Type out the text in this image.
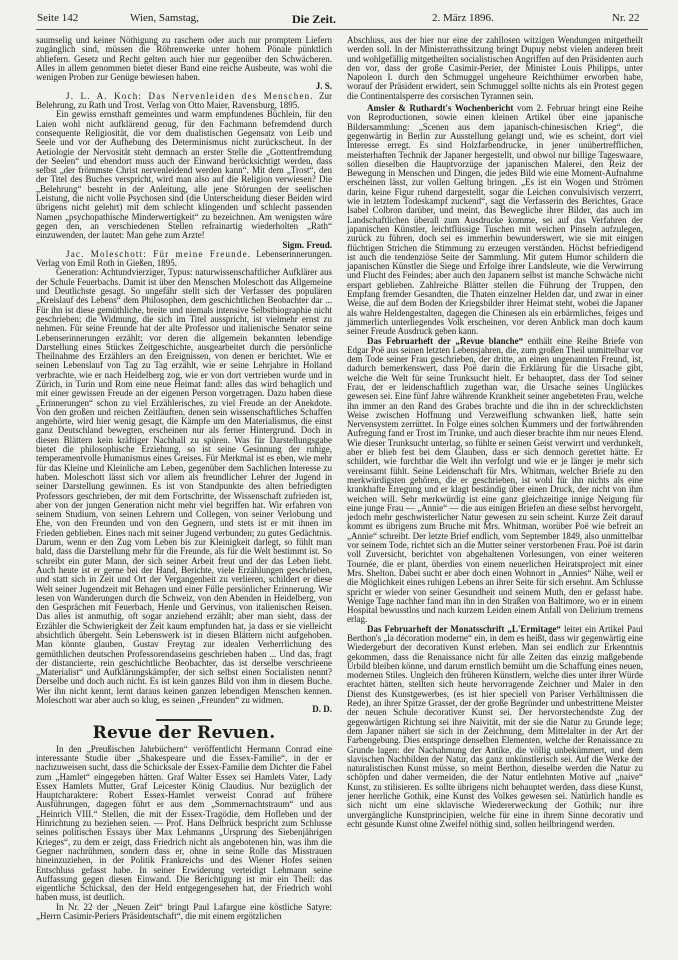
Seite 142	Wien, Samstag,	Die Zeit.	2. März 1896.	Nr. 22

saumselig und keiner Nöthigung zu raschem oder auch nur promptem Liefern zugänglich sind, müssen die Röhrenwerke unter hohem Pönale pünktlich abliefern. Gesetz und Recht gelten auch hier nur gegenüber den Schwächeren. Alles in allem genommen bietet dieser Band eine reiche Ausbeute, was wohl die wenigen Proben zur Genüge bewiesen haben.

J. S.

J. L. A. Koch: Das Nervenleiden des Menschen. Zur Belehrung, zu Rath und Trost. Verlag von Otto Maier, Ravensburg, 1895.

Ein gewiss ernsthaft gemeintes und warm empfundenes Büchlein, für den Laien wohl nicht aufklärend genug, für den Fachmann befremdend durch consequente Religiosität, die vor dem dualistischen Gegensatz von Leib und Seele und vor der Aufhebung des Determinismus nicht zurückscheut. In der Aetiologie der Nervosität steht demnach an erster Stelle die „Gottentfremdung der Seelen“ und ebendort muss auch der Einwand berücksichtigt werden, dass selbst „der frömmste Christ nervenleidend werden kann“. Mit dem „Trost“, den der Titel des Buches verspricht, wird man also auf die Religion verwiesen? Die „Belehrung“ besteht in der Anleitung, alle jene Störungen der seelischen Leistung, die nicht volle Psychosen sind (die Unterscheidung dieser Beiden wird übrigens nicht gelehrt) mit dem schlecht klingenden und schlecht passenden Namen „psychopathische Minderwertigkeit“ zu bezeichnen. Am wenigsten wäre gegen den, an verschiedenen Stellen refrainartig wiederholten „Rath“ einzuwenden, der lautet: Man gehe zum Arzte!

Sigm. Freud.

Jac. Moleschott: Für meine Freunde. Lebenserinnerungen. Verlag von Emil Roth in Gießen, 1895.

Generation: Achtundvierziger, Typus: naturwissenschaftlicher Aufklärer aus der Schule Feuerbachs. Damit ist über den Menschen Moleschott das Allgemeine und Deutlichste gesagt. So ungefähr stellt sich der Verfasser des populären „Kreislauf des Lebens“ dem Philosophen, dem geschichtlichen Beobachter dar ... Für ihn ist diese gemüthliche, breite und niemals intensive Selbstbiographie nicht geschrieben; die Widmung, die sich im Titel ausspricht, ist vielmehr ernst zu nehmen. Für seine Freunde hat der alte Professor und italienische Senator seine Lebenserinnerungen erzählt; vor deren die allgemein bekannten lebendige Darstellung eines Stückes Zeitgeschichte, ausgearbeitet durch die persönliche Theilnahme des Erzählers an den Ereignissen, von denen er berichtet. Wie er seinen Lebenslauf von Tag zu Tag erzählt, wie er seine Lehrjahre in Holland verbrachte, wie er nach Heidelberg zog, wie er von dort vertrieben wurde und in Zürich, in Turin und Rom eine neue Heimat fand: alles das wird behaglich und mit einer gewissen Freude an der eigenen Person vorgetragen. Dazu haben diese „Erinnerungen“ schon zu viel Erzählerisches, zu viel Freude an der Anekdote. Von den großen und reichen Zeitläuften, denen sein wissenschaftliches Schaffen angehörte, wird hier wenig gesagt, die Kämpfe um den Materialismus, die einst ganz Deutschland bewegten, erscheinen nur als ferner Hintergrund. Doch in diesen Blättern kein kräftiger Nachhall zu spüren. Was für Darstellungsgabe bietet die philosophische Erziehung, so ist seine Gesinnung der ruhige, temperamentvolle Humanismus eines Greises. Für Merkmal ist es eben, wie mehr für das Kleine und Kleinliche am Leben, gegenüber dem Sachlichen Interesse zu haben. Moleschott lässt sich vor allem als freundlicher Lehrer der Jugend in seiner Darstellung gewinnen. Es ist von Standpunkte des alten befriedigten Professors geschrieben, der mit dem Fortschritte, der Wissenschaft zufrieden ist, aber von der jungen Generation nicht mehr viel begriffen hat. Wir erfahren von seinem Studium, von seinen Lehrern und Collegen, von seiner Verlobung und Ehe, von den Freunden und von den Gegnern, und stets ist er mit ihnen im Frieden geblieben. Eines nach mit seiner Jugend verbunden; zu gutes Gedächtnis. Darum, wenn er den Zug vom Leben bis zur Kleinigkeit darlegt, so fühlt man bald, dass die Darstellung mehr für die Freunde, als für die Welt bestimmt ist. So schreibt ein guter Mann, der sich seiner Arbeit freut und der das Leben liebt. Auch heute ist er gerne bei der Hand, Berichte, viele Erzählungen geschrieben, und statt sich in Zeit und Ort der Vergangenheit zu verlieren, schildert er diese Welt seiner Jugendzeit mit Behagen und einer Fülle persönlicher Erinnerung. Wir lesen von Wanderungen durch die Schweiz, von den Abenden in Heidelberg, von den Gesprächen mit Feuerbach, Henle und Gervinus, von italienischen Reisen. Das alles ist anmuthig, oft sogar anziehend erzählt; aber man sieht, dass der Erzähler die Schwierigkeit der Zeit kaum empfunden hat, ja dass er sie vielleicht absichtlich übergeht. Sein Lebenswerk ist in diesen Blättern nicht aufgehoben. Man könnte glauben, Gustav Freytag zur idealen Verherrlichung des gemüthlichen deutschen Professorendaseins geschrieben haben ... Und das, fragt der distancierte, rein geschichtliche Beobachter, das ist derselbe verschrieene „Materialist“ und Aufklärungskämpfer, der sich selbst einen Socialisten nennt? Derselbe und doch auch nicht. Es ist kein ganzes Bild von ihm in diesem Buche. Wer ihn nicht kennt, lernt daraus keinen ganzen lebendigen Menschen kennen. Moleschott war aber auch so klug, es seinen „Freunden“ zu widmen.

D. D.

Revue der Revuen.

In den „Preußischen Jahrbüchern“ veröffentlicht Hermann Conrad eine interessante Studie über „Shakespeare und die Essex-Familie“, in der er nachzuweisen sucht, dass die Schicksale der Essex-Familie dem Dichter die Fabel zum „Hamlet“ eingegeben hätten. Graf Walter Essex sei Hamlets Vater, Lady Essex Hamlets Mutter, Graf Leicester König Claudius. Nur bezüglich der Hauptcharaktere: Robert Essex-Hamlet verweist Conrad auf frühere Ausführungen, dagegen führt er aus dem „Sommernachtstraum“ und aus „Heinrich VIII.“ Stellen, die mit der Essex-Tragödie, dem Hofleben und der Hinrichtung zu beziehen seien. — Prof. Hans Delbrück bespricht zum Schlusse seines politischen Essays über Max Lehmanns „Ursprung des Siebenjährigen Krieges“, zu dem er zeigt, dass Friedrich nicht als angebotenen hin, was ihm die Gegner nachrühmen, sondern dass er, ohne in seine Rolle das Misstrauen hineinzuziehen, in der Politik Frankreichs und des Wiener Hofes seinen Entschluss gefasst habe. In seiner Erwiderung verteidigt Lehmann seine Auffassung gegen diesen Einwand. Die Berichtigung ist mir ein Theil: das eigentliche Schicksal, den der Held entgegengesehen hat, der Friedrich wohl haben muss, ist deutlich.

In Nr. 22 der „Neuen Zeit“ bringt Paul Lafargue eine köstliche Satyre: „Herrn Casimir-Periers Präsidentschaft“, die mit einem ergötzlichen

Abschluss, aus der hier nur eine der zahllosen witzigen Wendungen mitgetheilt werden soll. In der Ministerrathssitzung bringt Dupuy nebst vielen anderen breit und wohlgefällig mitgetheilten socialistischen Angriffen auf den Präsidenten auch den vor, dass der große Casimir-Perier, der Minister Louis Philipps, unter Napoleon I. durch den Schmuggel ungeheure Reichthümer erworben habe, worauf der Präsident erwidert, sein Schmuggel sollte nichts als ein Protest gegen die Continentalsperre des corsischen Tyrannen sein.

Amsler & Ruthardt's Wochenbericht vom 2. Februar bringt eine Reihe von Reproductionen, sowie einen kleinen Artikel über eine japanische Bildersammlung: „Scenen aus dem japanisch-chinesischen Krieg“, die gegenwärtig in Berlin zur Ausstellung gelangt und, wie es scheint, dort viel Interesse erregt. Es sind Holzfarbendrucke, in jener unübertrefflichen, meisterhaften Technik der Japaner hergestellt, und obwol nur billige Tageswaare, sollen dieselben die Hauptvorzüge der japanischen Malerei, den Reiz der Bewegung in Menschen und Dingen, die jedes Bild wie eine Moment-Aufnahme erscheinen lässt, zur vollen Geltung bringen. „Es ist ein Wogen und Strömen darin, keine Figur ruhend dargestellt, sogar die Leichen convulsivisch verzerrt, wie in letztem Todeskampf zuckend“, sagt die Verfasserin des Berichtes, Grace Isabel Colbron darüber, und meint, das Bewegliche ihrer Bilder, das auch im Landschaftlichen überall zum Ausdrucke komme, sei auf das Verfahren der japanischen Künstler, leichtflüssige Tuschen mit weichen Pinseln aufzulegen, zurück zu führen, doch sei es immerhin bewunderswert, wie sie mit einigen flüchtigen Strichen die Stimmung zu erzeugen verständen. Höchst befriedigend ist auch die tendenziöse Seite der Sammlung. Mit gutem Humor schildern die japanischen Künstler die Siege und Erfolge ihrer Landsleute, wie die Verwirrung und Flucht des Feindes; aber auch den Japanern selbst ist manche Schwäche nicht erspart geblieben. Zahlreiche Blätter stellen die Führung der Truppen, den Empfang fremder Gesandten, die Thaten einzelner Helden dar, und zwar in einer Weise, die auf dem Boden der Kriegsbilder ihrer Heimat steht, wobei die Japaner als wahre Heldengestalten, dagegen die Chinesen als ein erbärmliches, feiges und jämmerlich unterliegendes Volk erscheinen, vor deren Anblick man doch kaum seiner Freude Ausdruck geben kann.

Das Februarheft der „Revue blanche“ enthält eine Reihe Briefe von Edgar Poë aus seinen letzten Lebensjahren, die, zum großen Theil unmittelbar vor dem Tode seiner Frau geschrieben, der dritte, an einen ungenannten Freund, ist, dadurch bemerkenswert, dass Poë darin die Erklärung für die Ursache gibt, welche die Welt für seine Trunksucht hielt. Er behauptet, dass der Tod seiner Frau, der er leidenschaftlich zugethan war, die Ursache seines Unglückes gewesen sei. Eine fünf Jahre währende Krankheit seiner angebeteten Frau, welche ihn immer an den Rand des Grabes brachte und die ihn in der schrecklichsten Weise zwischen Hoffnung und Verzweiflung schwanken ließ, hatte sein Nervensystem zerrüttet. In Folge eines solchen Kummers und der fortwährenden Aufregung fand er Trost im Trunke, und auch dieser brachte ihm nur neues Elend. Wie dieser Trunksucht unterlag, so fühlte er seinen Geist verwirrt und verdunkelt, aber er blieb fest bei dem Glauben, dass er sich dennoch gerettet hätte. Er schildert, wie furchtbar die Welt ihn verfolgt und wie er je länger je mehr sich vereinsamt fühlt. Seine Leidenschaft für Mrs. Whitman, welcher Briefe zu den merkwürdigsten gehören, die er geschrieben, ist wohl für ihn nichts als eine krankhafte Erregung und er klagt beständig über einen Druck, der nicht von ihm weichen will. Sehr merkwürdig ist eine ganz gleichzeitige innige Neigung für eine junge Frau — „Annie“ — die aus einigen Briefen an diese selbst hervorgeht, jedoch mehr geschwisterlicher Natur gewesen zu sein scheint. Kurze Zeit darauf kommt es übrigens zum Bruche mit Mrs. Whitman, worüber Poë wie befreit an „Annie“ schreibt. Der letzte Brief endlich, vom September 1849, also unmittelbar vor seinem Tode, richtet sich an die Mutter seiner verstorbenen Frau. Poë ist darin voll Zuversicht, berichtet von abgehaltenen Vorlesungen, von einer weiteren Tournée, die er plant, überdies von einem neuerlichen Heiratsproject mit einer Mrs. Shelton. Dabei sucht er aber doch einen Wohnort in „Annies“ Nähe, weil er die Möglichkeit eines ruhigen Lebens an ihrer Seite für sich ersehnt. Am Schlusse spricht er wieder von seiner Gesundheit und seinem Muth, den er gefasst habe. Wenige Tage nachher fand man ihn in den Straßen von Baltimore, wo er in einem Hospital bewusstlos und nach kurzem Leiden einem Anfall von Delirium tremens erlag.

Das Februarheft der Monatsschrift „L'Ermitage“ leitet ein Artikel Paul Berthon's „la décoration moderne“ ein, in dem es heißt, dass wir gegenwärtig eine Wiedergeburt der decorativen Kunst erleben. Man sei endlich zur Erkenntnis gekommen, dass die Renaissance nicht für alle Zeiten das einzig maßgebende Urbild bleiben könne, und darum ernstlich bemüht um die Schaffung eines neuen, modernen Stiles. Ungleich den früheren Künstlern, welche dies unter ihrer Würde erachtet hätten, stellten sich heute hervorragende Zeichner und Maler in den Dienst des Kunstgewerbes, (es ist hier speciell von Pariser Verhältnissen die Rede), an ihrer Spitze Grasset, der der große Begründer und unbestrittene Meister der neuen Schule decorativer Kunst sei. Der hervorstechendste Zug der gegenwärtigen Richtung sei ihre Naivität, mit der sie die Natur zu Grunde lege; dem Japaner nähert sie sich in der Zeichnung, dem Mittelalter in der Art der Farbengebung. Dies entspringe denselben Elementen, welche der Renaissance zu Grunde lagen: der Nachahmung der Antike, die völlig unbekümmert, und dem slavischen Nachbilden der Natur, das ganz unkünstlerisch sei. Auf die Werke der naturalistischen Kunst müsse, so meint Berthon, dieselbe werden die Natur zu schöpfen und daher vermeiden, die der Natur entlehnten Motive auf „naive“ Kunst, zu stilisieren. Es sollte übrigens nicht behauptet werden, dass diese Kunst, jener herrliche Gothik, eine Kunst des Volkes gewesen sei. Natürlich handle es sich nicht um eine sklavische Wiedererweckung der Gothik; nur ihre unvergängliche Kunstprincipien, welche für eine in ihrem Sinne decorativ und echt gesunde Kunst ohne Zweifel nöthig sind, sollen heilbringend werden.
